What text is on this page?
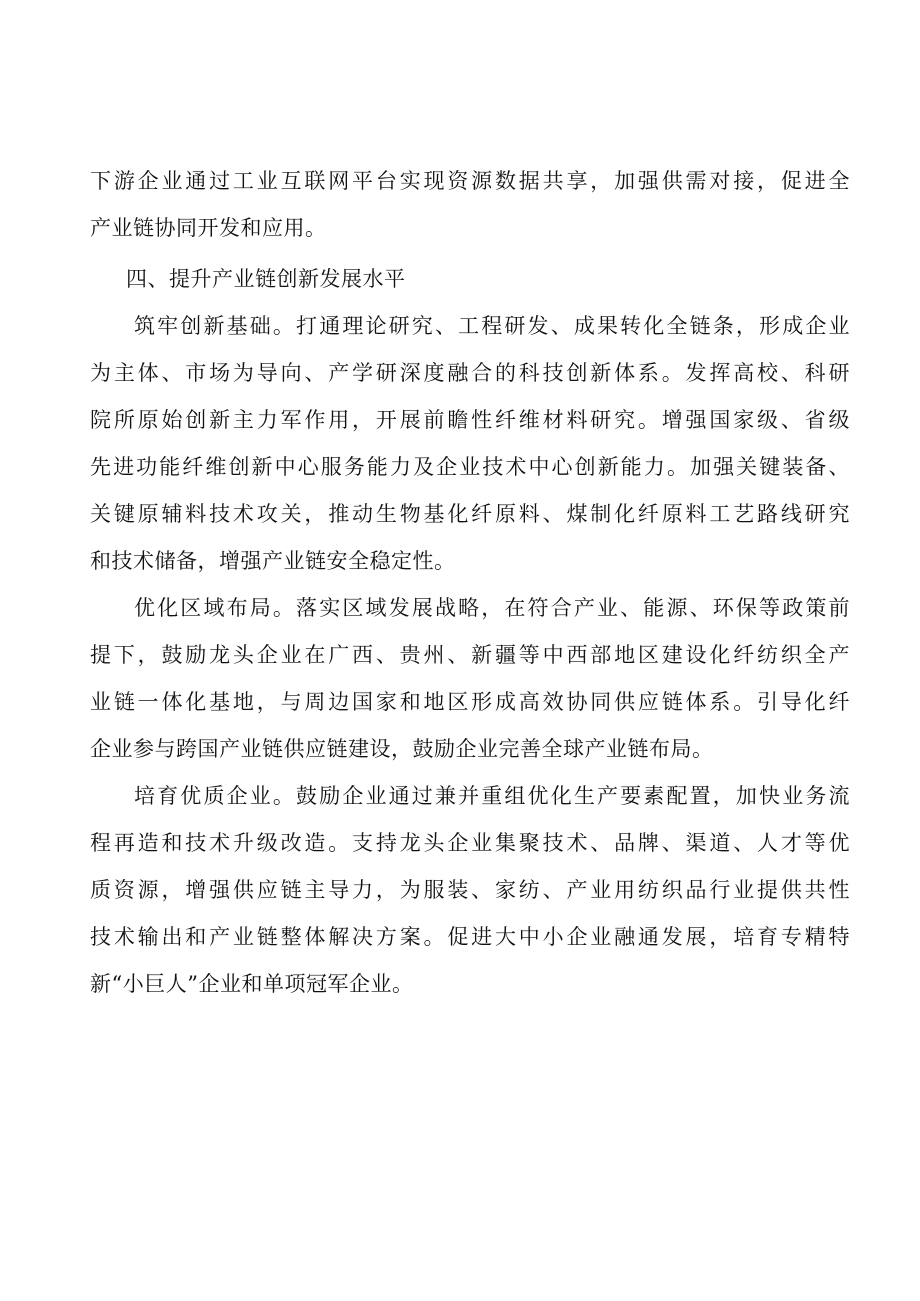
下游企业通过工业互联网平台实现资源数据共享，加强供需对接，促进全
产业链协同开发和应用。
四、提升产业链创新发展水平
筑牢创新基础。打通理论研究、工程研发、成果转化全链条，形成企业
为主体、市场为导向、产学研深度融合的科技创新体系。发挥高校、科研
院所原始创新主力军作用，开展前瞻性纤维材料研究。增强国家级、省级
先进功能纤维创新中心服务能力及企业技术中心创新能力。加强关键装备、
关键原辅料技术攻关，推动生物基化纤原料、煤制化纤原料工艺路线研究
和技术储备，增强产业链安全稳定性。
优化区域布局。落实区域发展战略，在符合产业、能源、环保等政策前
提下，鼓励龙头企业在广西、贵州、新疆等中西部地区建设化纤纺织全产
业链一体化基地，与周边国家和地区形成高效协同供应链体系。引导化纤
企业参与跨国产业链供应链建设，鼓励企业完善全球产业链布局。
培育优质企业。鼓励企业通过兼并重组优化生产要素配置，加快业务流
程再造和技术升级改造。支持龙头企业集聚技术、品牌、渠道、人才等优
质资源，增强供应链主导力，为服装、家纺、产业用纺织品行业提供共性
技术输出和产业链整体解决方案。促进大中小企业融通发展，培育专精特
新“小巨人”企业和单项冠军企业。
